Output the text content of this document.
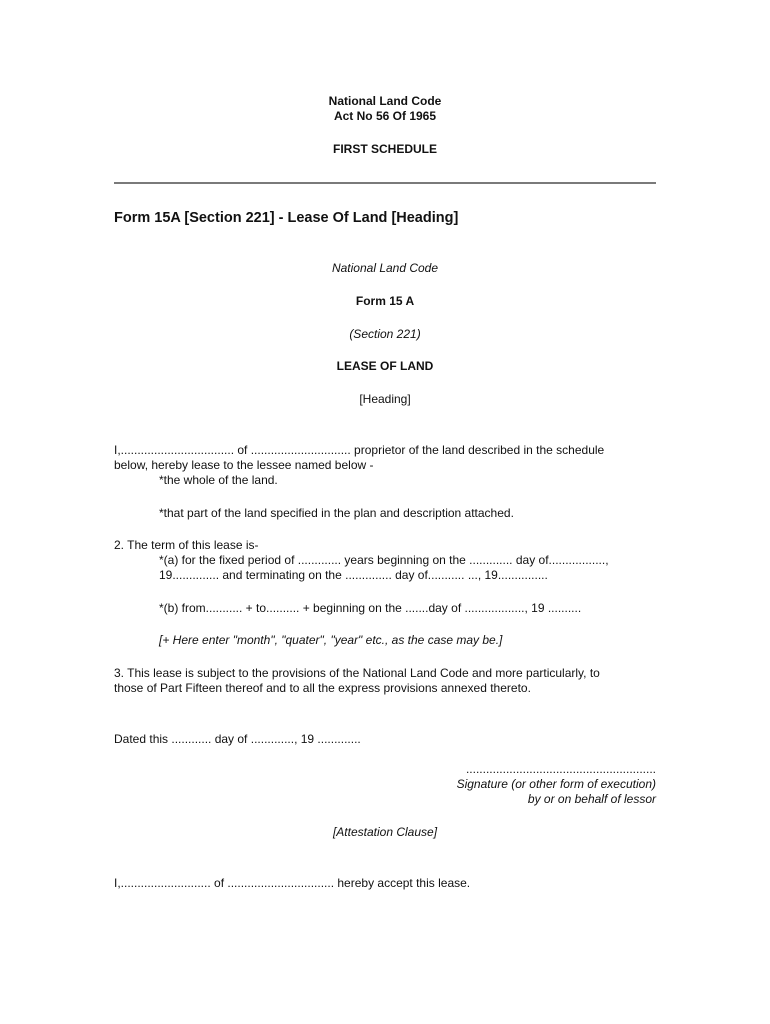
National Land Code
Act No 56 Of 1965
FIRST SCHEDULE
Form 15A [Section 221] - Lease Of Land [Heading]
National Land Code
Form 15 A
(Section 221)
LEASE OF LAND
[Heading]
I,.................................. of .............................. proprietor of the land described in the schedule
below, hereby lease to the lessee named below -
*the whole of the land.
*that part of the land specified in the plan and description attached.
2. The term of this lease is-
*(a) for the fixed period of ............. years beginning on the ............. day of.................,
19.............. and terminating on the .............. day of........... ..., 19...............
*(b) from........... + to.......... + beginning on the .......day of .................., 19 ..........
[+ Here enter "month", "quater", "year" etc., as the case may be.]
3. This lease is subject to the provisions of the National Land Code and more particularly, to
those of Part Fifteen thereof and to all the express provisions annexed thereto.
Dated this ............ day of ............., 19 .............
.........................................................
Signature (or other form of execution)
by or on behalf of lessor
[Attestation Clause]
I,........................... of ................................ hereby accept this lease.
